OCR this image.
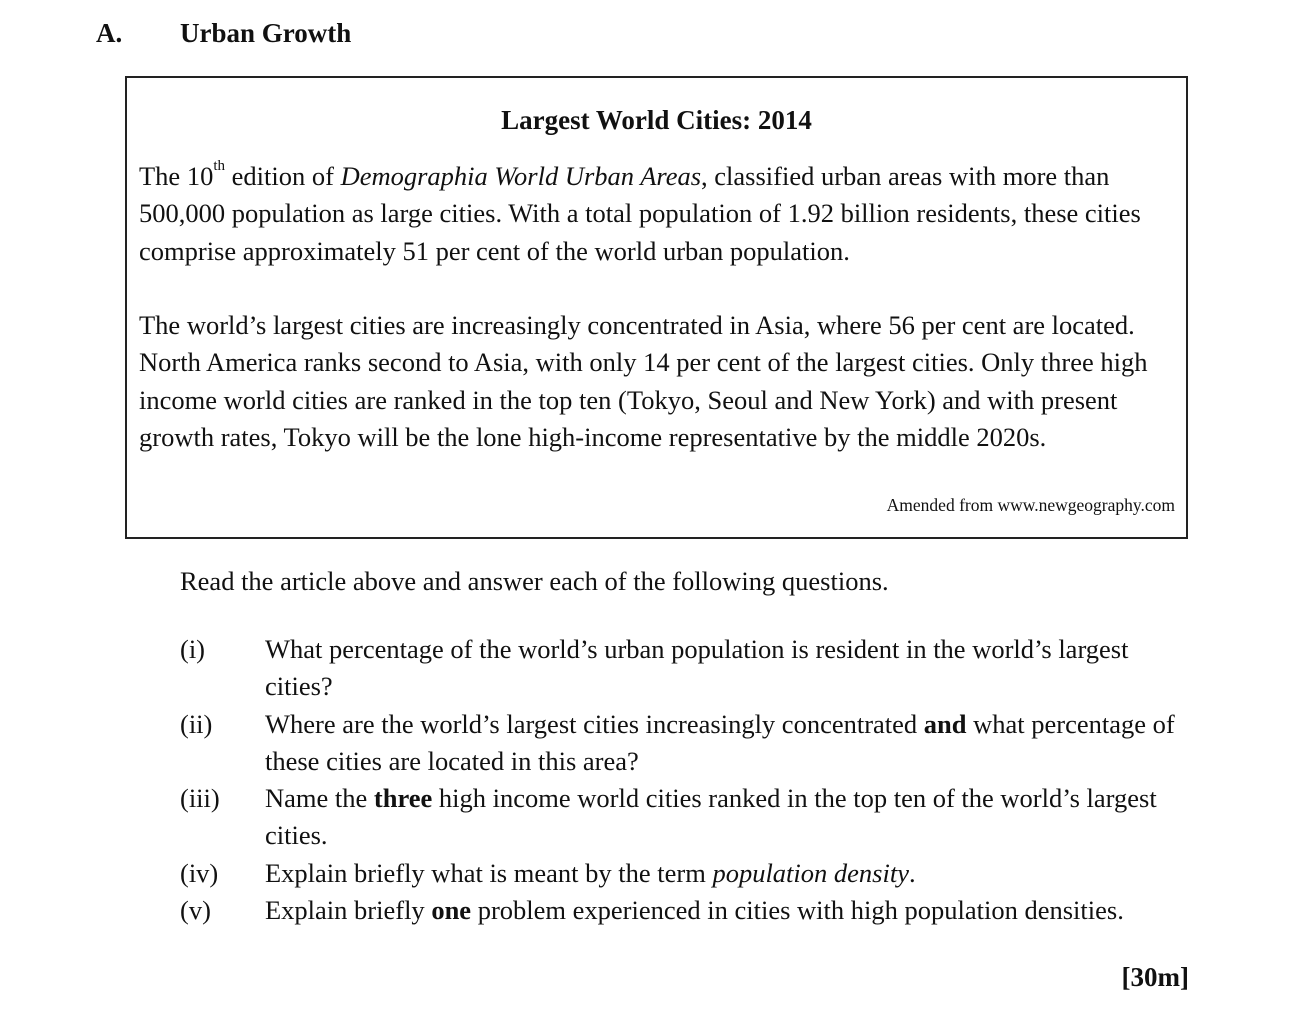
A. Urban Growth
Largest World Cities: 2014
The 10th edition of Demographia World Urban Areas, classified urban areas with more than 500,000 population as large cities. With a total population of 1.92 billion residents, these cities comprise approximately 51 per cent of the world urban population.
The world’s largest cities are increasingly concentrated in Asia, where 56 per cent are located. North America ranks second to Asia, with only 14 per cent of the largest cities. Only three high income world cities are ranked in the top ten (Tokyo, Seoul and New York) and with present growth rates, Tokyo will be the lone high-income representative by the middle 2020s.
Amended from www.newgeography.com
Read the article above and answer each of the following questions.
(i)	What percentage of the world’s urban population is resident in the world’s largest cities?
(ii)	Where are the world’s largest cities increasingly concentrated and what percentage of these cities are located in this area?
(iii)	Name the three high income world cities ranked in the top ten of the world’s largest cities.
(iv)	Explain briefly what is meant by the term population density.
(v)	Explain briefly one problem experienced in cities with high population densities.
[30m]
